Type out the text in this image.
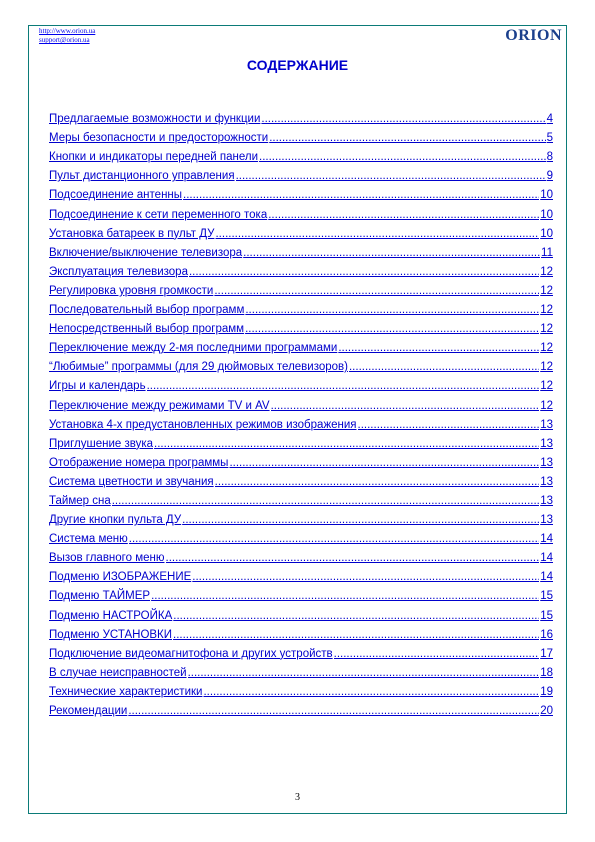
http://www.orion.ua
support@orion.ua	ORION
СОДЕРЖАНИЕ
Предлагаемые возможности и функции .....	4
Меры безопасности и предосторожности .....	5
Кнопки и индикаторы передней панели .....	8
Пульт дистанционного управления .....	9
Подсоединение антенны .....	10
Подсоединение к сети переменного тока .....	10
Установка батареек в пульт ДУ .....	10
Включение/выключение телевизора .....	11
Эксплуатация телевизора .....	12
Регулировка уровня громкости .....	12
Последовательный выбор программ .....	12
Непосредственный выбор программ .....	12
Переключение между 2-мя последними программами .....	12
“Любимые” программы (для 29 дюймовых телевизоров) .....	12
Игры и календарь .....	12
Переключение между режимами TV и AV .....	12
Установка 4-х предустановленных режимов изображения .....	13
Приглушение звука .....	13
Отображение номера программы .....	13
Система цветности и звучания .....	13
Таймер сна .....	13
Другие кнопки пульта ДУ .....	13
Система меню .....	14
Вызов главного меню .....	14
Подменю ИЗОБРАЖЕНИЕ .....	14
Подменю ТАЙМЕР .....	15
Подменю НАСТРОЙКА .....	15
Подменю УСТАНОВКИ .....	16
Подключение видеомагнитофона и других устройств .....	17
В случае неисправностей .....	18
Технические характеристики .....	19
Рекомендации .....	20
3
